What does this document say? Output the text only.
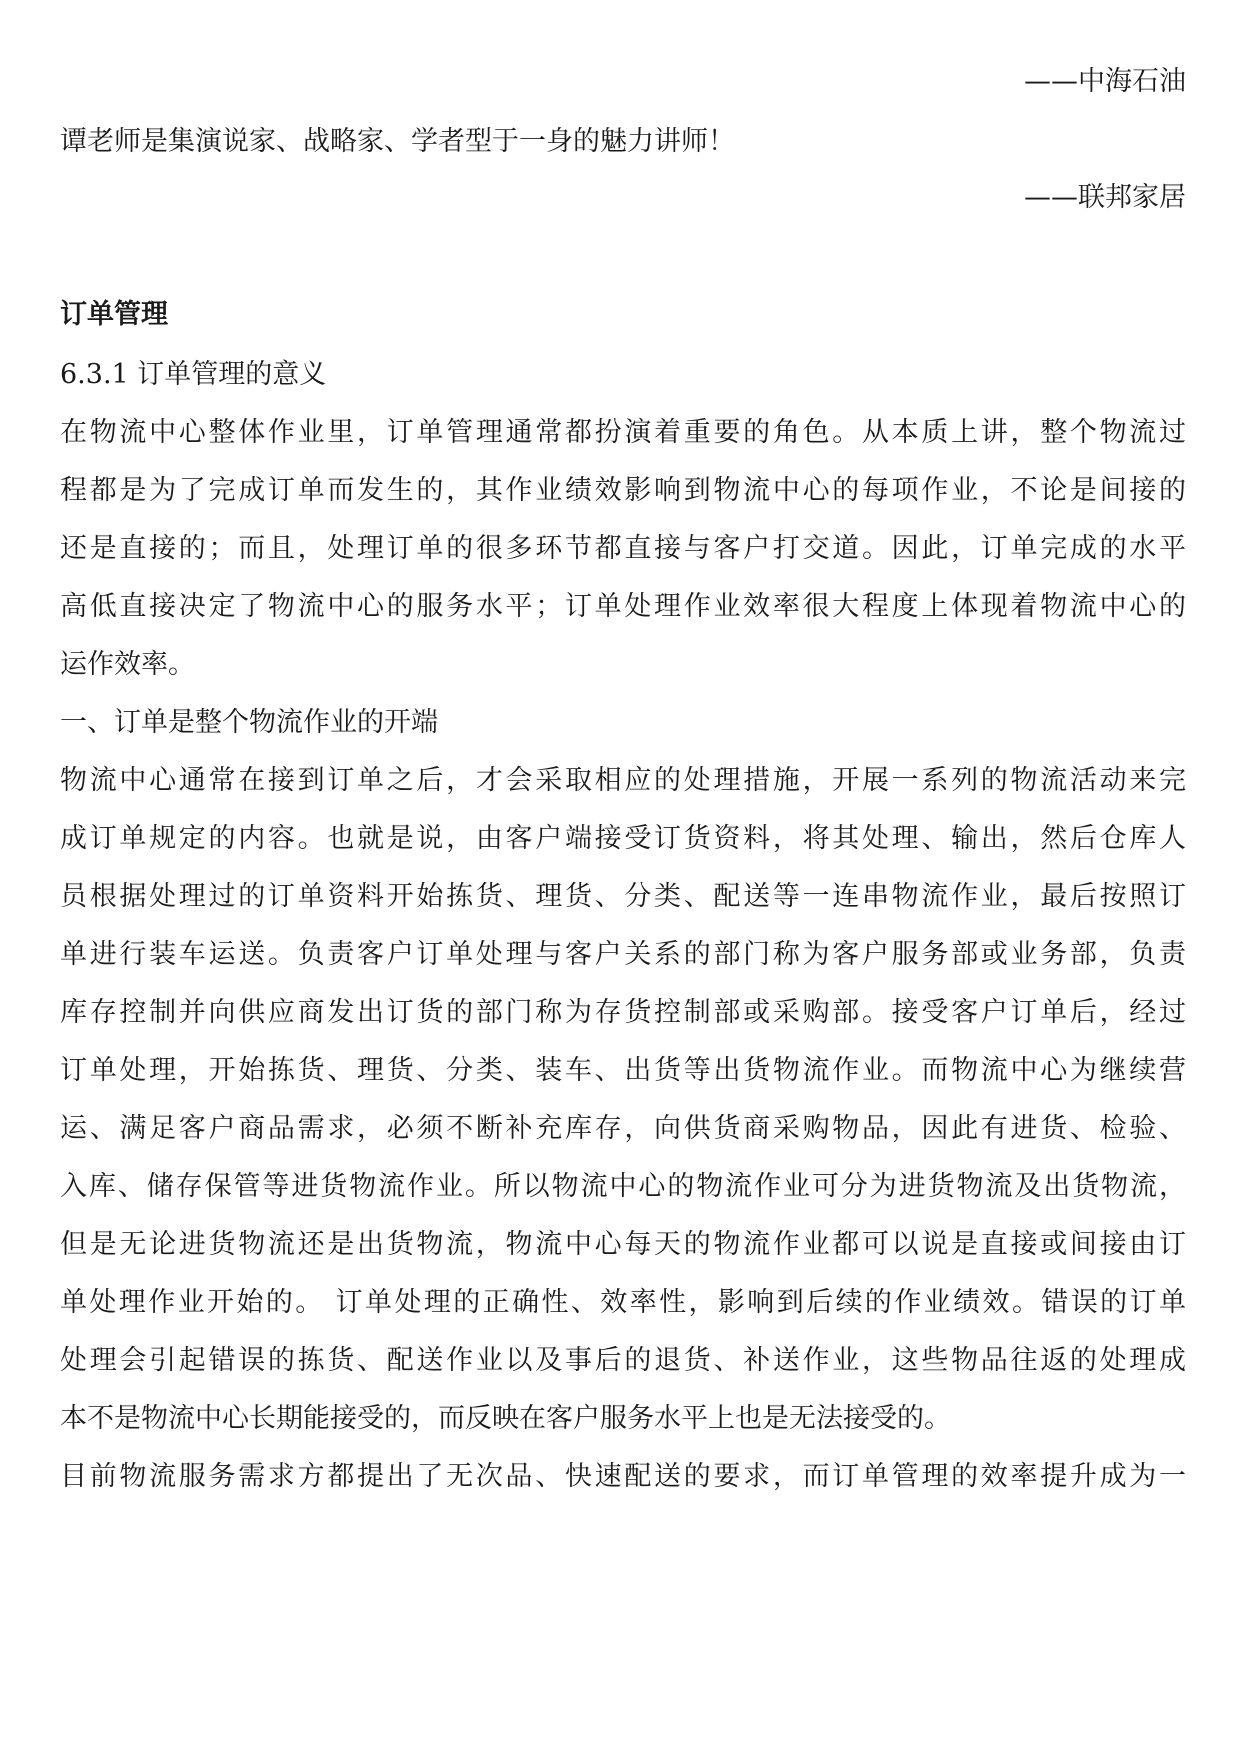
——中海石油
谭老师是集演说家、战略家、学者型于一身的魅力讲师！
——联邦家居
订单管理
6.3.1 订单管理的意义
在物流中心整体作业里，订单管理通常都扮演着重要的角色。从本质上讲，整个物流过
程都是为了完成订单而发生的，其作业绩效影响到物流中心的每项作业，不论是间接的
还是直接的；而且，处理订单的很多环节都直接与客户打交道。因此，订单完成的水平
高低直接决定了物流中心的服务水平；订单处理作业效率很大程度上体现着物流中心的
运作效率。
一、订单是整个物流作业的开端
物流中心通常在接到订单之后，才会采取相应的处理措施，开展一系列的物流活动来完
成订单规定的内容。也就是说，由客户端接受订货资料，将其处理、输出，然后仓库人
员根据处理过的订单资料开始拣货、理货、分类、配送等一连串物流作业，最后按照订
单进行装车运送。负责客户订单处理与客户关系的部门称为客户服务部或业务部，负责
库存控制并向供应商发出订货的部门称为存货控制部或采购部。接受客户订单后，经过
订单处理，开始拣货、理货、分类、装车、出货等出货物流作业。而物流中心为继续营
运、满足客户商品需求，必须不断补充库存，向供货商采购物品，因此有进货、检验、
入库、储存保管等进货物流作业。所以物流中心的物流作业可分为进货物流及出货物流，
但是无论进货物流还是出货物流，物流中心每天的物流作业都可以说是直接或间接由订
单处理作业开始的。 订单处理的正确性、效率性，影响到后续的作业绩效。错误的订单
处理会引起错误的拣货、配送作业以及事后的退货、补送作业，这些物品往返的处理成
本不是物流中心长期能接受的，而反映在客户服务水平上也是无法接受的。
目前物流服务需求方都提出了无次品、快速配送的要求，而订单管理的效率提升成为一
